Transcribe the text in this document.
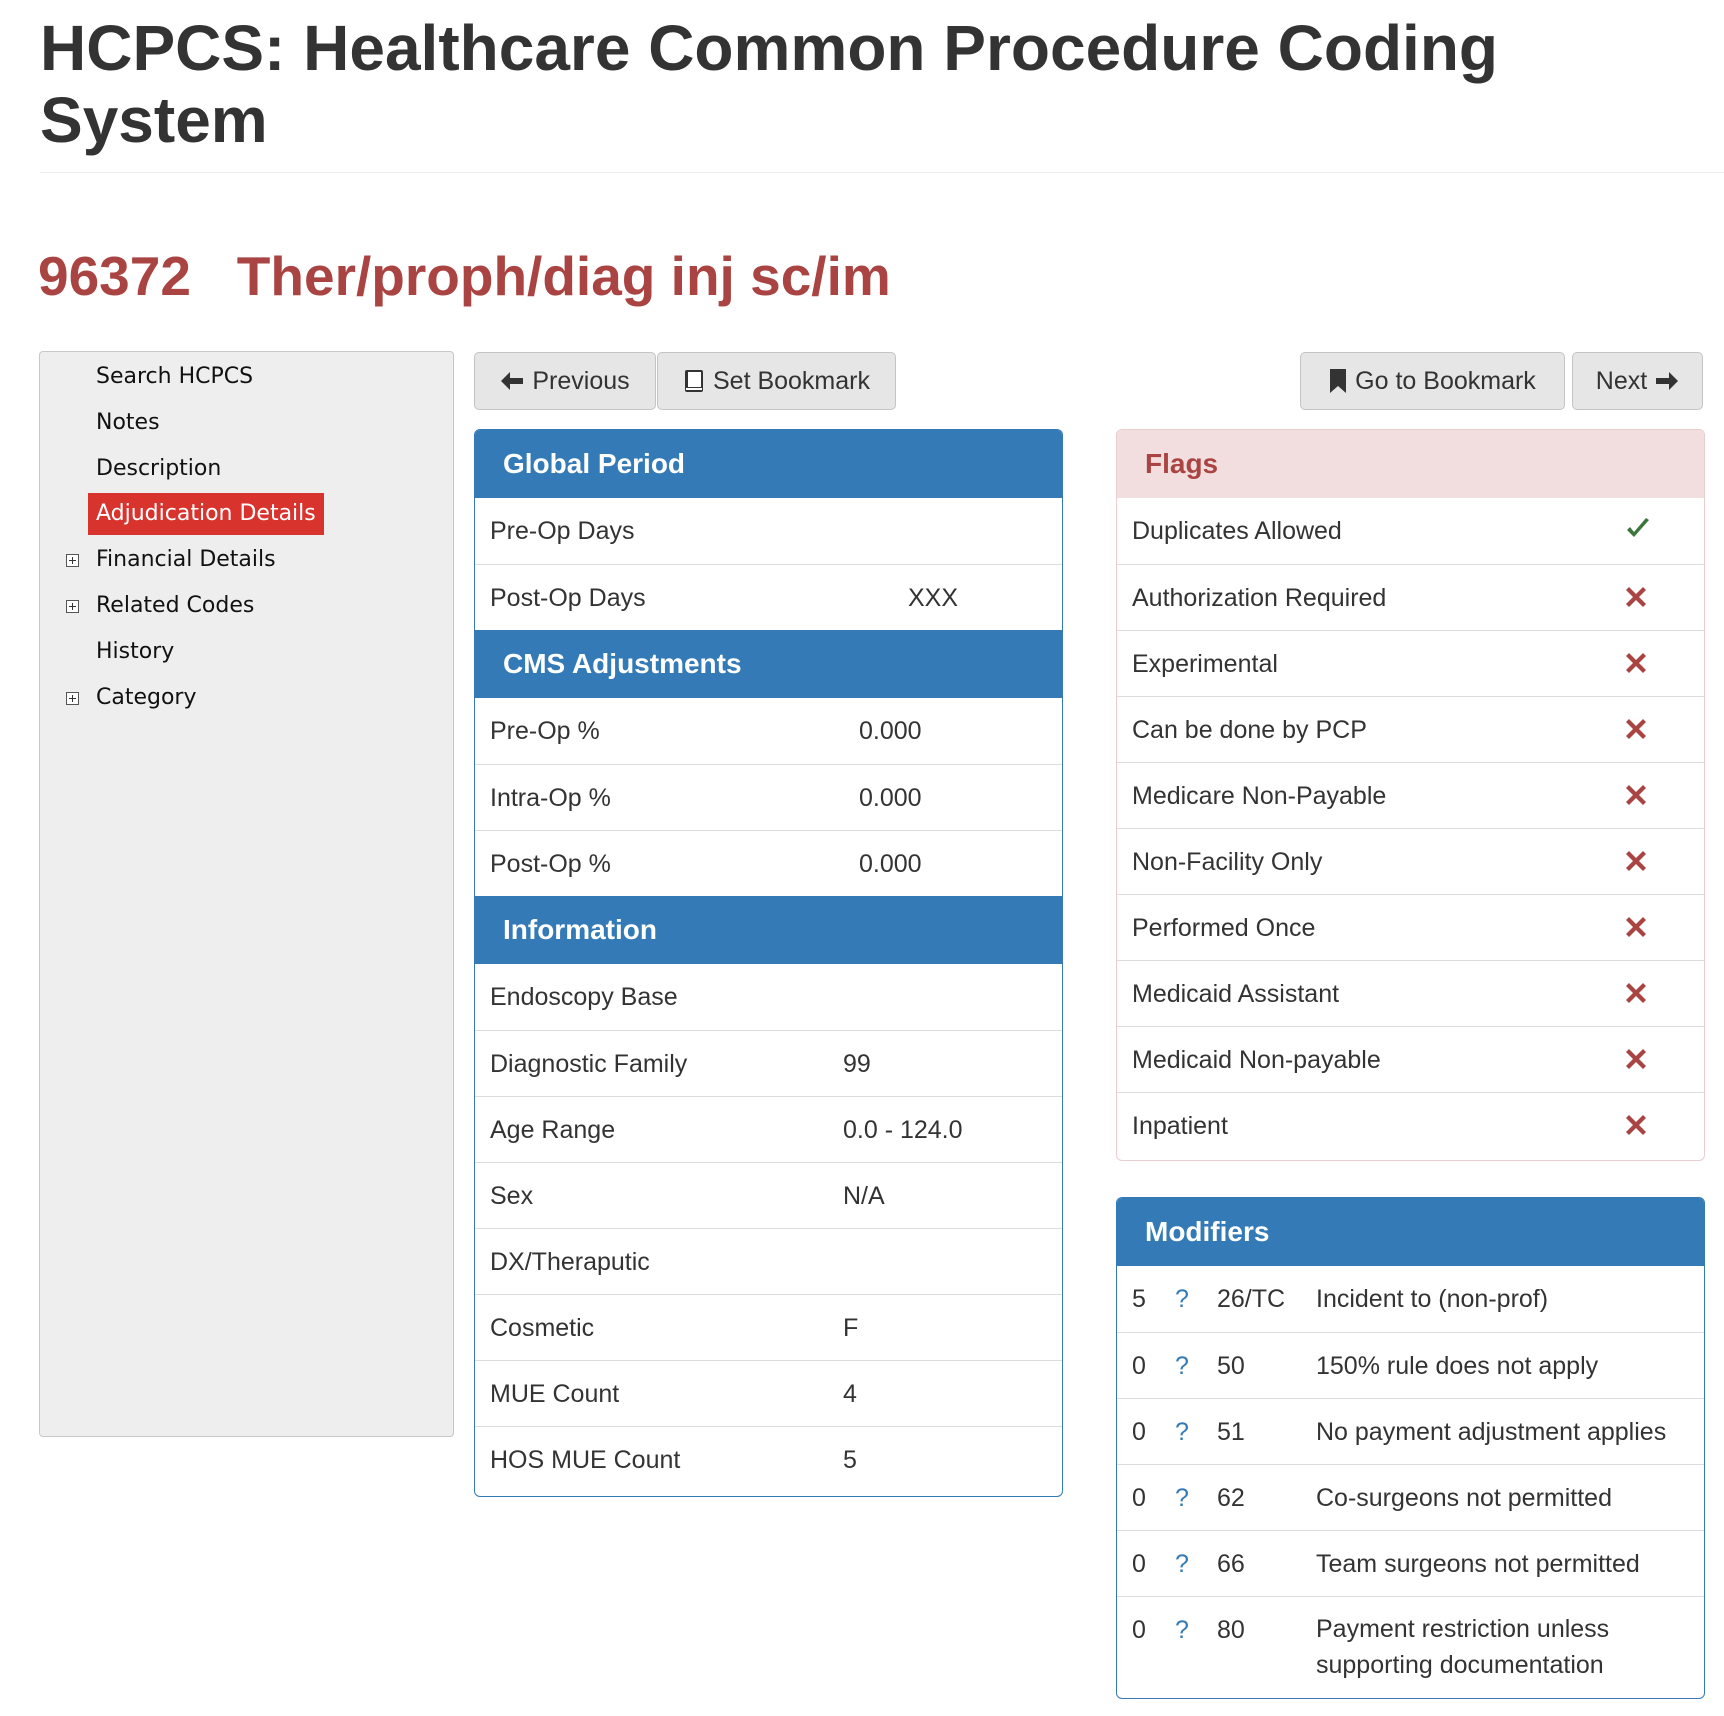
HCPCS: Healthcare Common Procedure Coding System
96372 Ther/proph/diag inj sc/im
Search HCPCS
Notes
Description
Adjudication Details
Financial Details
Related Codes
History
Category
Previous	Set Bookmark	Go to Bookmark Next
Global Period
Pre-Op Days
Post-Op Days	XXX
CMS Adjustments
Pre-Op %	0.000
Intra-Op %	0.000
Post-Op %	0.000
Information
Endoscopy Base
Diagnostic Family	99
Age Range	0.0 - 124.0
Sex	N/A
DX/Theraputic
Cosmetic	F
MUE Count	4
HOS MUE Count	5
Flags
Duplicates Allowed
Authorization Required
Experimental
Can be done by PCP
Medicare Non-Payable
Non-Facility Only
Performed Once
Medicaid Assistant
Medicaid Non-payable
Inpatient
Modifiers
5 ? 26/TC Incident to (non-prof)
0 ? 50	150% rule does not apply
0 ? 51	No payment adjustment applies
0 ? 62	Co-surgeons not permitted
0 ? 66	Team surgeons not permitted
0 ? 80	Payment restriction unless
supporting documentation
